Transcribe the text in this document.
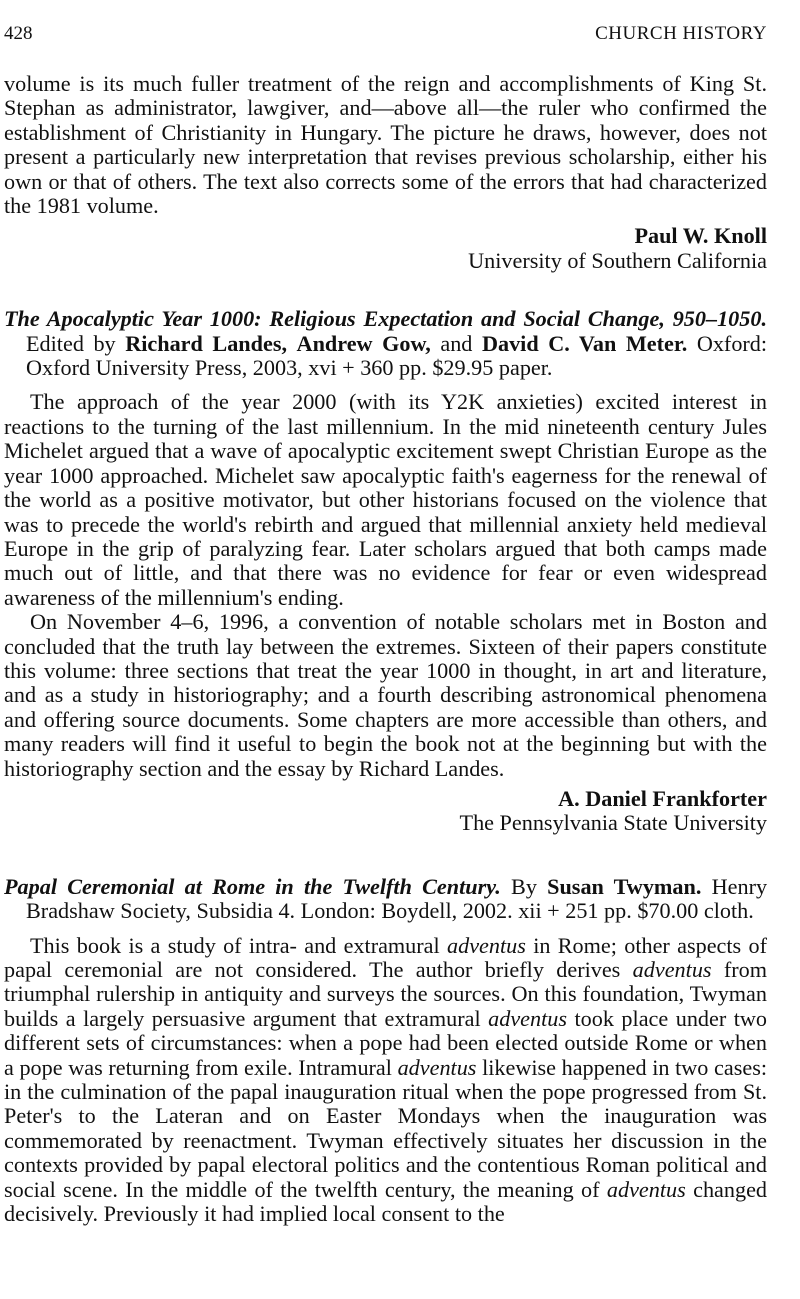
428	CHURCH HISTORY

volume is its much fuller treatment of the reign and accomplishments of King St. Stephan as administrator, lawgiver, and—above all—the ruler who confirmed the establishment of Christianity in Hungary. The picture he draws, however, does not present a particularly new interpretation that revises previous scholarship, either his own or that of others. The text also corrects some of the errors that had characterized the 1981 volume.

Paul W. Knoll
University of Southern California

The Apocalyptic Year 1000: Religious Expectation and Social Change, 950–1050. Edited by Richard Landes, Andrew Gow, and David C. Van Meter. Oxford: Oxford University Press, 2003, xvi + 360 pp. $29.95 paper.

The approach of the year 2000 (with its Y2K anxieties) excited interest in reactions to the turning of the last millennium. In the mid nineteenth century Jules Michelet argued that a wave of apocalyptic excitement swept Christian Europe as the year 1000 approached. Michelet saw apocalyptic faith's eagerness for the renewal of the world as a positive motivator, but other historians focused on the violence that was to precede the world's rebirth and argued that millennial anxiety held medieval Europe in the grip of paralyzing fear. Later scholars argued that both camps made much out of little, and that there was no evidence for fear or even widespread awareness of the millennium's ending.

On November 4–6, 1996, a convention of notable scholars met in Boston and concluded that the truth lay between the extremes. Sixteen of their papers constitute this volume: three sections that treat the year 1000 in thought, in art and literature, and as a study in historiography; and a fourth describing astronomical phenomena and offering source documents. Some chapters are more accessible than others, and many readers will find it useful to begin the book not at the beginning but with the historiography section and the essay by Richard Landes.

A. Daniel Frankforter
The Pennsylvania State University

Papal Ceremonial at Rome in the Twelfth Century. By Susan Twyman. Henry Bradshaw Society, Subsidia 4. London: Boydell, 2002. xii + 251 pp. $70.00 cloth.

This book is a study of intra- and extramural adventus in Rome; other aspects of papal ceremonial are not considered. The author briefly derives adventus from triumphal rulership in antiquity and surveys the sources. On this foundation, Twyman builds a largely persuasive argument that extramural adventus took place under two different sets of circumstances: when a pope had been elected outside Rome or when a pope was returning from exile. Intramural adventus likewise happened in two cases: in the culmination of the papal inauguration ritual when the pope progressed from St. Peter's to the Lateran and on Easter Mondays when the inauguration was commemorated by reenactment. Twyman effectively situates her discussion in the contexts provided by papal electoral politics and the contentious Roman political and social scene. In the middle of the twelfth century, the meaning of adventus changed decisively. Previously it had implied local consent to the
